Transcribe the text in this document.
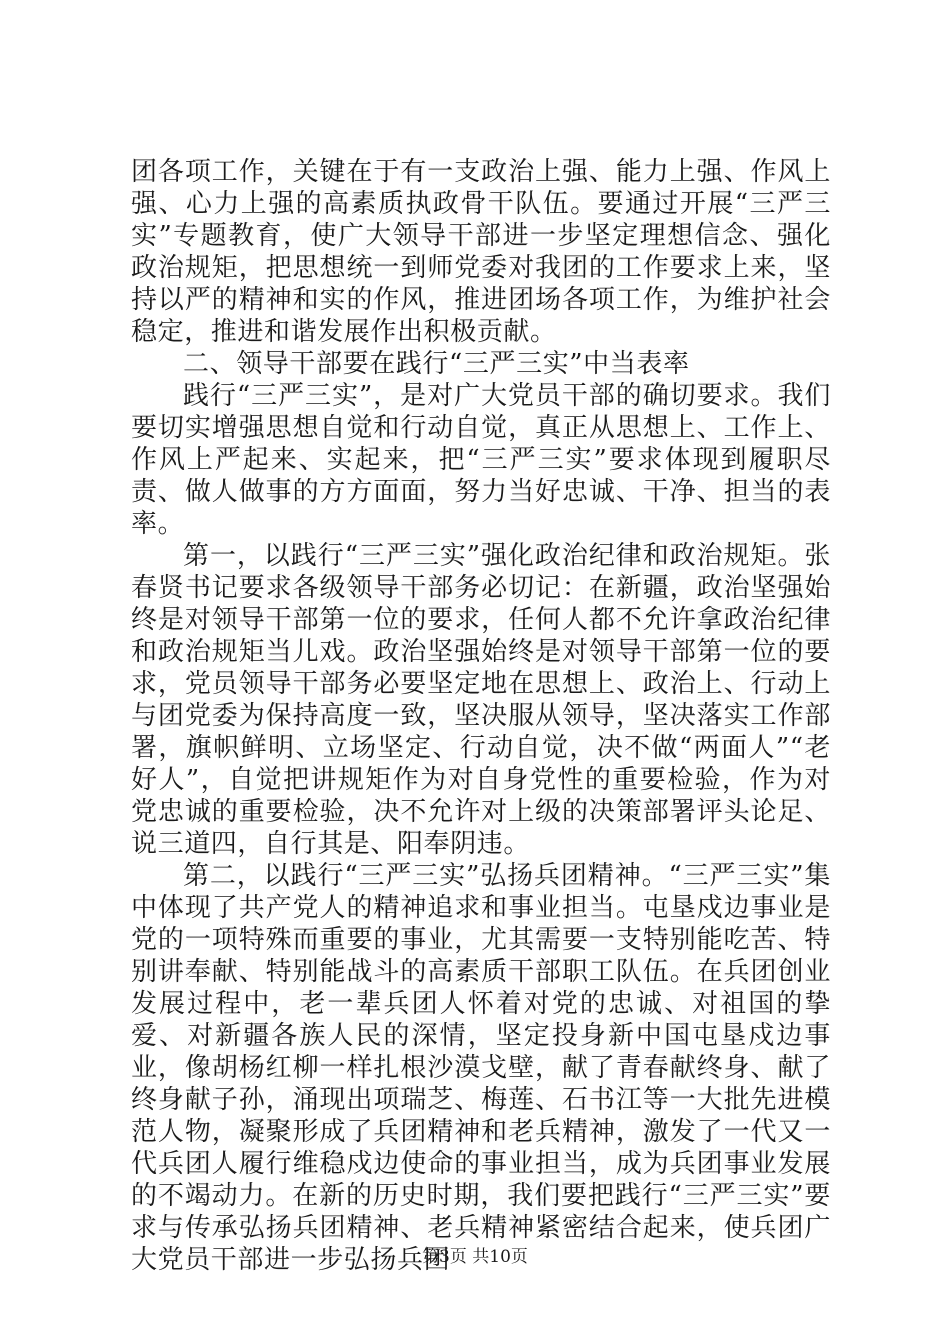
团各项工作，关键在于有一支政治上强、能力上强、作风上强、心力上强的高素质执政骨干队伍。要通过开展“三严三实”专题教育，使广大领导干部进一步坚定理想信念、强化政治规矩，把思想统一到师党委对我团的工作要求上来，坚持以严的精神和实的作风，推进团场各项工作，为维护社会稳定，推进和谐发展作出积极贡献。

二、领导干部要在践行“三严三实”中当表率

践行“三严三实”，是对广大党员干部的确切要求。我们要切实增强思想自觉和行动自觉，真正从思想上、工作上、作风上严起来、实起来，把“三严三实”要求体现到履职尽责、做人做事的方方面面，努力当好忠诚、干净、担当的表率。

第一，以践行“三严三实”强化政治纪律和政治规矩。张春贤书记要求各级领导干部务必切记：在新疆，政治坚强始终是对领导干部第一位的要求，任何人都不允许拿政治纪律和政治规矩当儿戏。政治坚强始终是对领导干部第一位的要求，党员领导干部务必要坚定地在思想上、政治上、行动上与团党委为保持高度一致，坚决服从领导，坚决落实工作部署，旗帜鲜明、立场坚定、行动自觉，决不做“两面人”“老好人”，自觉把讲规矩作为对自身党性的重要检验，作为对党忠诚的重要检验，决不允许对上级的决策部署评头论足、说三道四，自行其是、阳奉阴违。

第二，以践行“三严三实”弘扬兵团精神。“三严三实”集中体现了共产党人的精神追求和事业担当。屯垦戍边事业是党的一项特殊而重要的事业，尤其需要一支特别能吃苦、特别讲奉献、特别能战斗的高素质干部职工队伍。在兵团创业发展过程中，老一辈兵团人怀着对党的忠诚、对祖国的挚爱、对新疆各族人民的深情，坚定投身新中国屯垦戍边事业，像胡杨红柳一样扎根沙漠戈壁，献了青春献终身、献了终身献子孙，涌现出项瑞芝、梅莲、石书江等一大批先进模范人物，凝聚形成了兵团精神和老兵精神，激发了一代又一代兵团人履行维稳戍边使命的事业担当，成为兵团事业发展的不竭动力。在新的历史时期，我们要把践行“三严三实”要求与传承弘扬兵团精神、老兵精神紧密结合起来，使兵团广大党员干部进一步弘扬兵团

第3页 共10页
